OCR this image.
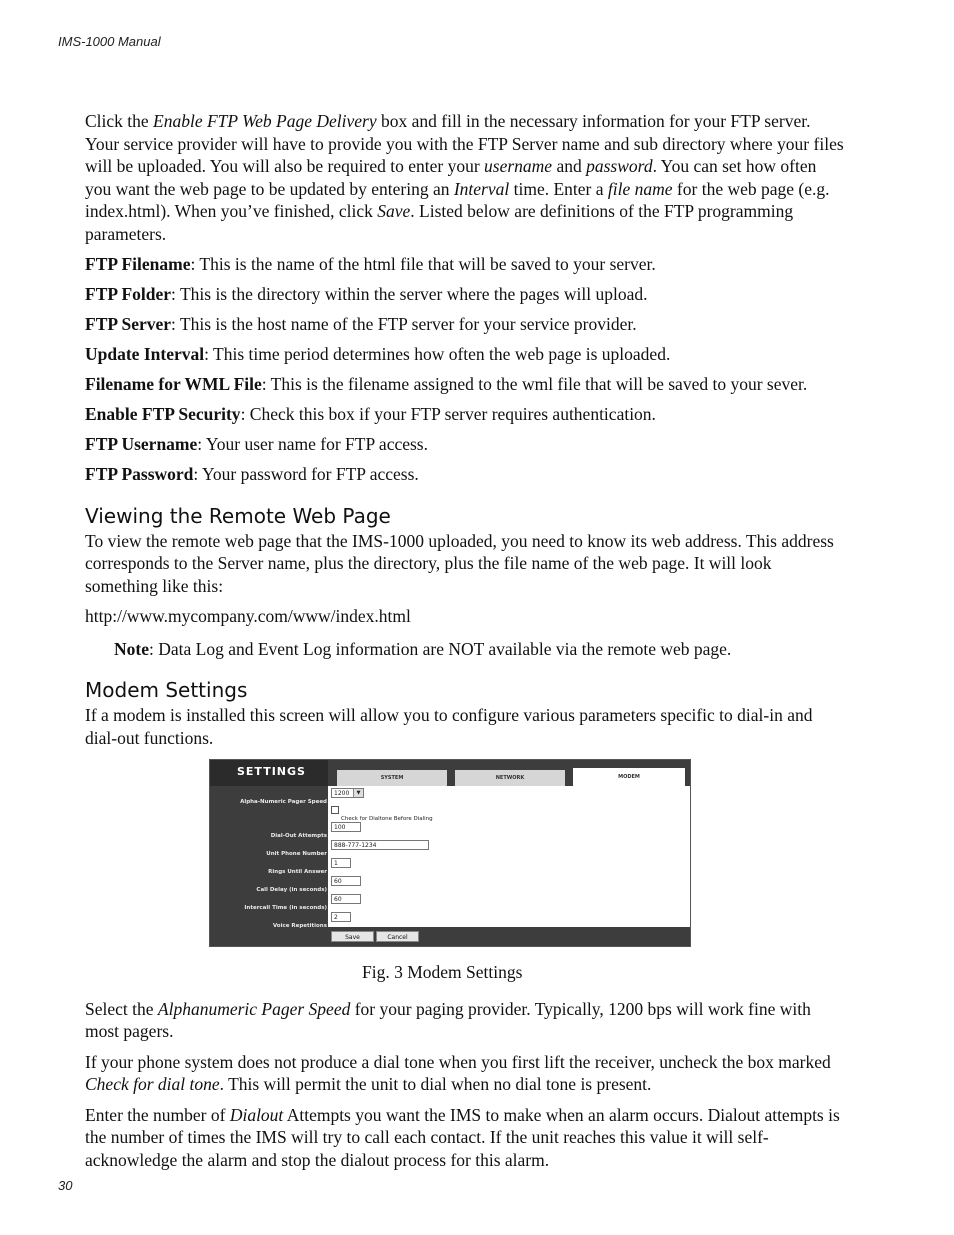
IMS-1000 Manual

Click the Enable FTP Web Page Delivery box and fill in the necessary information for your FTP server. Your service provider will have to provide you with the FTP Server name and sub directory where your files will be uploaded. You will also be required to enter your username and password. You can set how often you want the web page to be updated by entering an Interval time. Enter a file name for the web page (e.g. index.html). When you’ve finished, click Save. Listed below are definitions of the FTP programming parameters.

FTP Filename: This is the name of the html file that will be saved to your server.

FTP Folder: This is the directory within the server where the pages will upload.

FTP Server: This is the host name of the FTP server for your service provider.

Update Interval: This time period determines how often the web page is uploaded.

Filename for WML File: This is the filename assigned to the wml file that will be saved to your sever.

Enable FTP Security: Check this box if your FTP server requires authentication.

FTP Username: Your user name for FTP access.

FTP Password: Your password for FTP access.

Viewing the Remote Web Page

To view the remote web page that the IMS-1000 uploaded, you need to know its web address. This address corresponds to the Server name, plus the directory, plus the file name of the web page. It will look something like this:

http://www.mycompany.com/www/index.html

Note: Data Log and Event Log information are NOT available via the remote web page.

Modem Settings

If a modem is installed this screen will allow you to configure various parameters specific to dial-in and dial-out functions.

SETTINGS	SYSTEM	NETWORK	MODEM
Alpha-Numeric Pager Speed
1200	▼
Check for Dialtone Before Dialing
Dial-Out Attempts
100
Unit Phone Number
888-777-1234
Rings Until Answer
1
Call Delay (in seconds)
60
Intercall Time (in seconds)
60
Voice Repetitions
2
Save	Cancel

Fig. 3 Modem Settings

Select the Alphanumeric Pager Speed for your paging provider. Typically, 1200 bps will work fine with most pagers.

If your phone system does not produce a dial tone when you first lift the receiver, uncheck the box marked Check for dial tone. This will permit the unit to dial when no dial tone is present.

Enter the number of Dialout Attempts you want the IMS to make when an alarm occurs. Dialout attempts is the number of times the IMS will try to call each contact. If the unit reaches this value it will self-acknowledge the alarm and stop the dialout process for this alarm.

30
